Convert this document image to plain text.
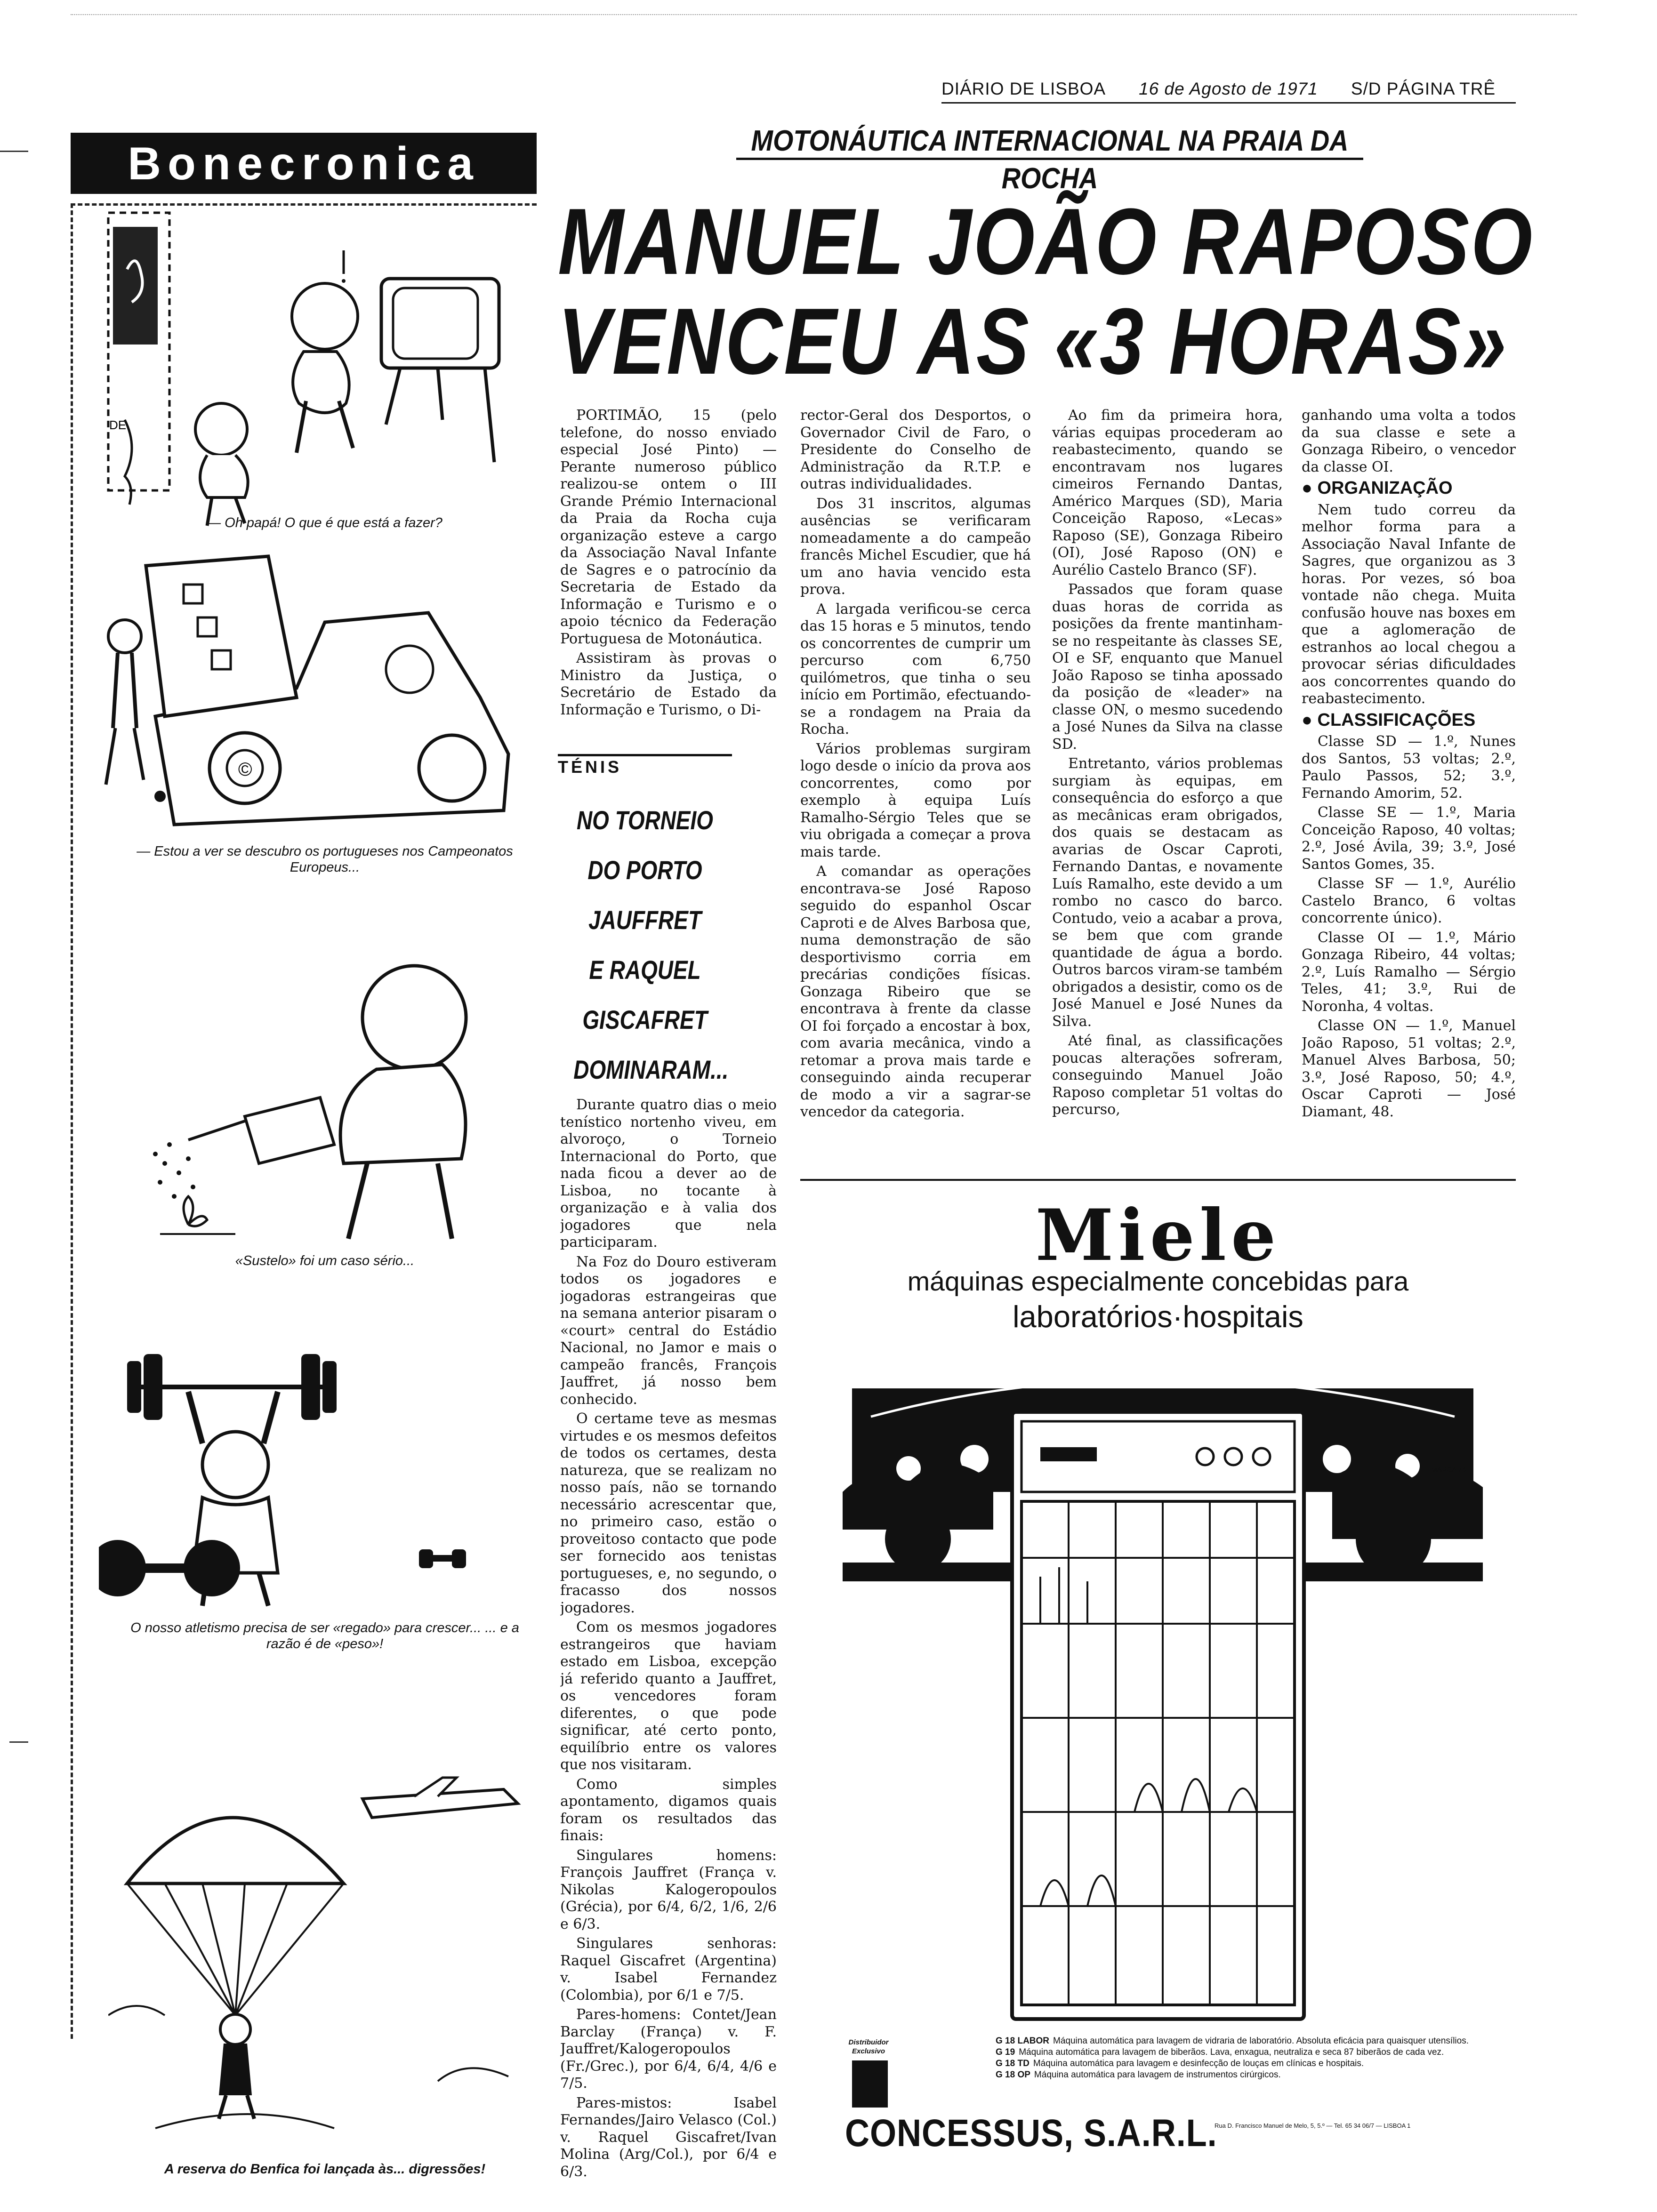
DIÁRIO DE LISBOA 16 de Agosto de 1971 S/D PÁGINA TRÊ
Bonecronica
DE
— Oh papá! O que é que está a fazer?
©
— Estou a ver se descubro os portugueses nos Campeonatos Europeus...
«Sustelo» foi um caso sério...
O nosso atletismo precisa de ser «regado» para crescer... ... e a razão é de «peso»!
A reserva do Benfica foi lançada às... digressões!
MOTONÁUTICA INTERNACIONAL NA PRAIA DA ROCHA
MANUEL JOÃO RAPOSO
VENCEU AS «3 HORAS»

PORTIMÃO, 15 (pelo telefone, do nosso enviado especial José Pinto) — Perante numeroso público realizou-se ontem o III Grande Prémio Internacional da Praia da Rocha cuja organização esteve a cargo da Associação Naval Infante de Sagres e o patrocínio da Secretaria de Estado da Informação e Turismo e o apoio técnico da Federação Portuguesa de Motonáutica.

Assistiram às provas o Ministro da Justiça, o Secretário de Estado da Informação e Turismo, o Di-

rector-Geral dos Desportos, o Governador Civil de Faro, o Presidente do Conselho de Administração da R.T.P. e outras individualidades.

Dos 31 inscritos, algumas ausências se verificaram nomeadamente a do campeão francês Michel Escudier, que há um ano havia vencido esta prova.

A largada verificou-se cerca das 15 horas e 5 minutos, tendo os concorrentes de cumprir um percurso com 6,750 quilómetros, que tinha o seu início em Portimão, efectuando-se a rondagem na Praia da Rocha.

Vários problemas surgiram logo desde o início da prova aos concorrentes, como por exemplo à equipa Luís Ramalho-Sérgio Teles que se viu obrigada a começar a prova mais tarde.

A comandar as operações encontrava-se José Raposo seguido do espanhol Oscar Caproti e de Alves Barbosa que, numa demonstração de são desportivismo corria em precárias condições físicas. Gonzaga Ribeiro que se encontrava à frente da classe OI foi forçado a encostar à box, com avaria mecânica, vindo a retomar a prova mais tarde e conseguindo ainda recuperar de modo a vir a sagrar-se vencedor da categoria.

Ao fim da primeira hora, várias equipas procederam ao reabastecimento, quando se encontravam nos lugares cimeiros Fernando Dantas, Américo Marques (SD), Maria Conceição Raposo, «Lecas» Raposo (SE), Gonzaga Ribeiro (OI), José Raposo (ON) e Aurélio Castelo Branco (SF).

Passados que foram quase duas horas de corrida as posições da frente mantinham-se no respeitante às classes SE, OI e SF, enquanto que Manuel João Raposo se tinha apossado da posição de «leader» na classe ON, o mesmo sucedendo a José Nunes da Silva na classe SD.

Entretanto, vários problemas surgiam às equipas, em consequência do esforço a que as mecânicas eram obrigados, dos quais se destacam as avarias de Oscar Caproti, Fernando Dantas, e novamente Luís Ramalho, este devido a um rombo no casco do barco. Contudo, veio a acabar a prova, se bem que com grande quantidade de água a bordo. Outros barcos viram-se também obrigados a desistir, como os de José Manuel e José Nunes da Silva.

Até final, as classificações poucas alterações sofreram, conseguindo Manuel João Raposo completar 51 voltas do percurso,

ganhando uma volta a todos da sua classe e sete a Gonzaga Ribeiro, o vencedor da classe OI.

● ORGANIZAÇÃO

Nem tudo correu da melhor forma para a Associação Naval Infante de Sagres, que organizou as 3 horas. Por vezes, só boa vontade não chega. Muita confusão houve nas boxes em que a aglomeração de estranhos ao local chegou a provocar sérias dificuldades aos concorrentes quando do reabastecimento.

● CLASSIFICAÇÕES

Classe SD — 1.º, Nunes dos Santos, 53 voltas; 2.º, Paulo Passos, 52; 3.º, Fernando Amorim, 52.

Classe SE — 1.º, Maria Conceição Raposo, 40 voltas; 2.º, José Ávila, 39; 3.º, José Santos Gomes, 35.

Classe SF — 1.º, Aurélio Castelo Branco, 6 voltas concorrente único).

Classe OI — 1.º, Mário Gonzaga Ribeiro, 44 voltas; 2.º, Luís Ramalho — Sérgio Teles, 41; 3.º, Rui de Noronha, 4 voltas.

Classe ON — 1.º, Manuel João Raposo, 51 voltas; 2.º, Manuel Alves Barbosa, 50; 3.º, José Raposo, 50; 4.º, Oscar Caproti — José Diamant, 48.

TÉNIS
NO TORNEIO
DO PORTO
JAUFFRET
E RAQUEL
GISCAFRET
DOMINARAM...

Durante quatro dias o meio tenístico nortenho viveu, em alvoroço, o Torneio Internacional do Porto, que nada ficou a dever ao de Lisboa, no tocante à organização e à valia dos jogadores que nela participaram.

Na Foz do Douro estiveram todos os jogadores e jogadoras estrangeiras que na semana anterior pisaram o «court» central do Estádio Nacional, no Jamor e mais o campeão francês, François Jauffret, já nosso bem conhecido.

O certame teve as mesmas virtudes e os mesmos defeitos de todos os certames, desta natureza, que se realizam no nosso país, não se tornando necessário acrescentar que, no primeiro caso, estão o proveitoso contacto que pode ser fornecido aos tenistas portugueses, e, no segundo, o fracasso dos nossos jogadores.

Com os mesmos jogadores estrangeiros que haviam estado em Lisboa, excepção já referido quanto a Jauffret, os vencedores foram diferentes, o que pode significar, até certo ponto, equilíbrio entre os valores que nos visitaram.

Como simples apontamento, digamos quais foram os resultados das finais:

Singulares homens: François Jauffret (França v. Nikolas Kalogeropoulos (Grécia), por 6/4, 6/2, 1/6, 2/6 e 6/3.

Singulares senhoras: Raquel Giscafret (Argentina) v. Isabel Fernandez (Colombia), por 6/1 e 7/5.

Pares-homens: Contet/Jean Barclay (França) v. F. Jauffret/Kalogeropoulos (Fr./Grec.), por 6/4, 6/4, 4/6 e 7/5.

Pares-mistos: Isabel Fernandes/Jairo Velasco (Col.) v. Raquel Giscafret/Ivan Molina (Arg/Col.), por 6/4 e 6/3.

Miele
máquinas especialmente concebidas para
laboratórios·hospitais
MARCA 76
G 18 LABOR Máquina automática para lavagem de vidraria de laboratório. Absoluta eficácia para quaisquer utensílios.
G 19 Máquina automática para lavagem de biberãos. Lava, enxagua, neutraliza e seca 87 biberãos de cada vez.
G 18 TD Máquina automática para lavagem e desinfecção de louças em clínicas e hospitais.
G 18 OP Máquina automática para lavagem de instrumentos cirúrgicos.
Distribuidor Exclusivo
CONCESSUS, S.A.R.L.
Rua D. Francisco Manuel de Melo, 5, 5.º — Tel. 65 34 06/7 — LISBOA 1
